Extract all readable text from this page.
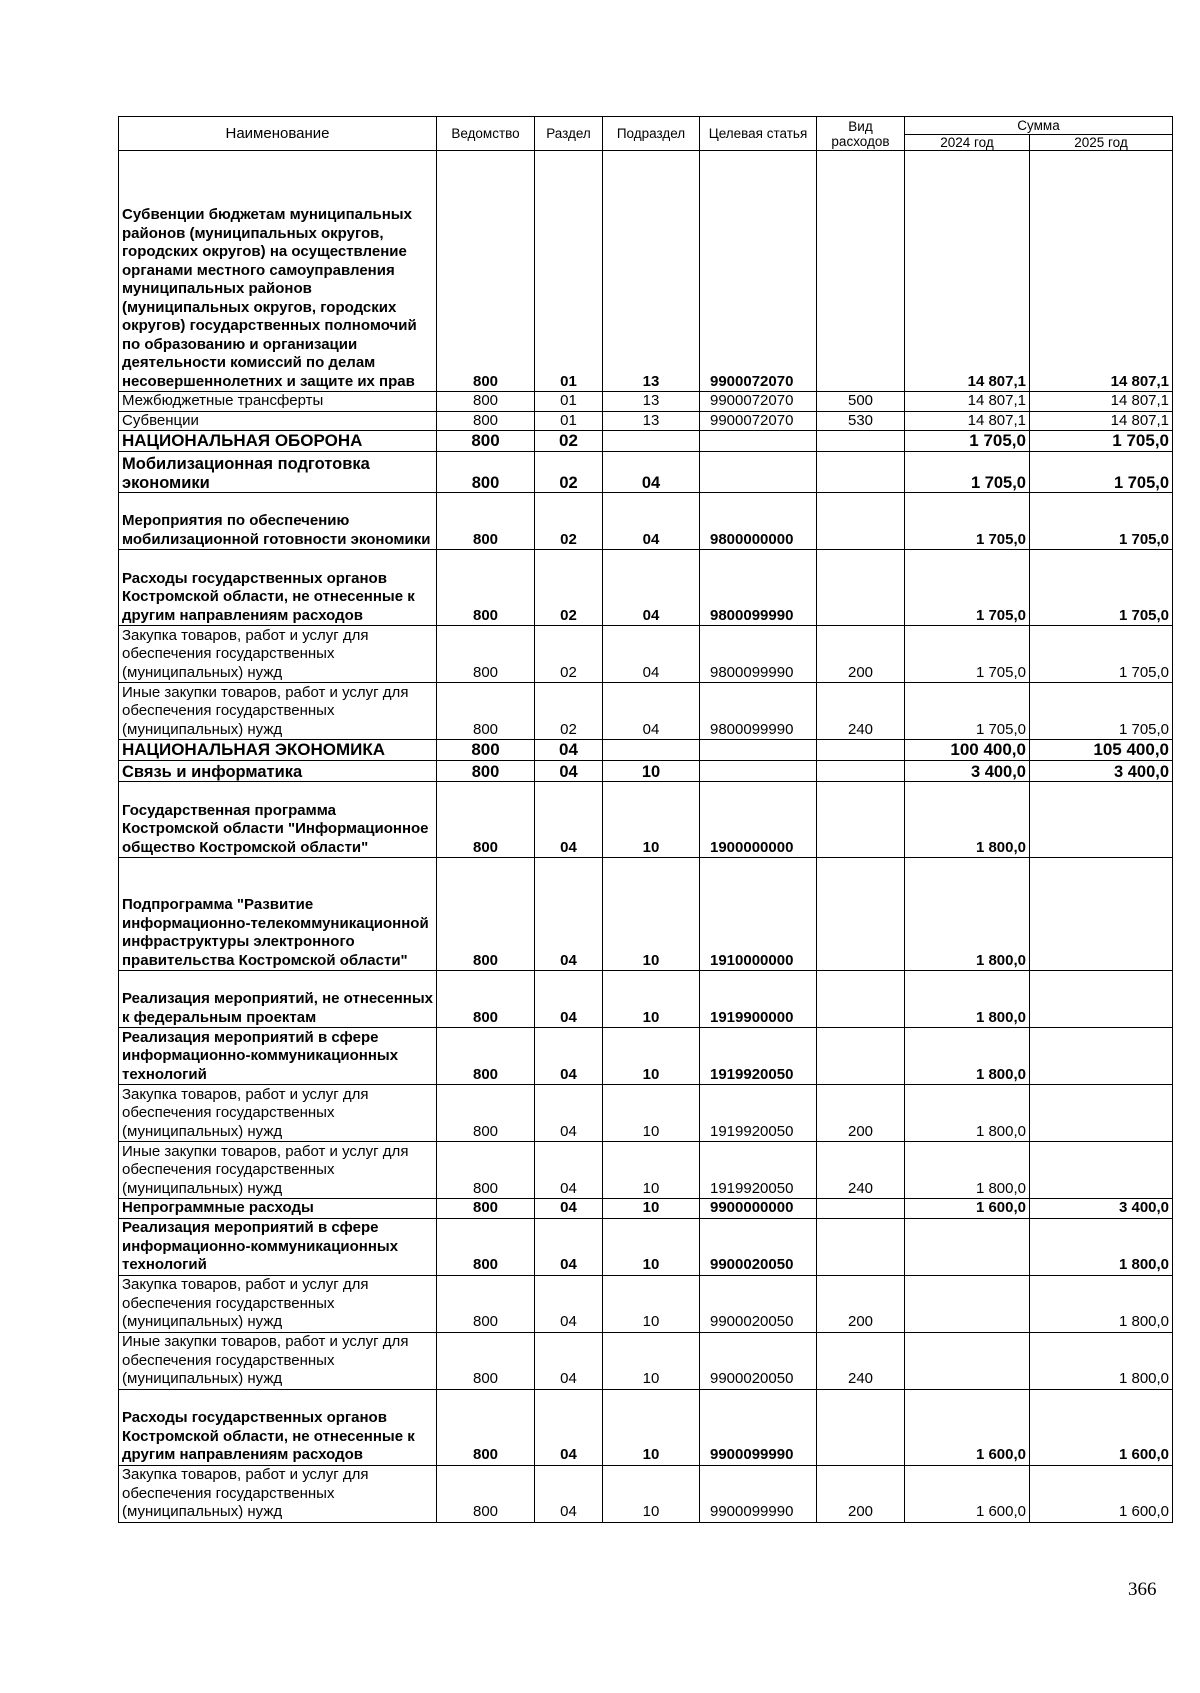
Наименование	Ведомство	Раздел	Подраздел	Целевая статья	Вид расходов	Сумма	
						2024 год	2025 год
Субвенции бюджетам муниципальных районов (муниципальных округов, городских округов) на осуществление органами местного самоуправления муниципальных районов (муниципальных округов, городских округов) государственных полномочий по образованию и организации деятельности комиссий по делам несовершеннолетних и защите их прав	800	01	13	9900072070		14 807,1	14 807,1
Межбюджетные трансферты	800	01	13	9900072070	500	14 807,1	14 807,1
Субвенции	800	01	13	9900072070	530	14 807,1	14 807,1
НАЦИОНАЛЬНАЯ ОБОРОНА	800	02				1 705,0	1 705,0
Мобилизационная подготовка экономики	800	02	04			1 705,0	1 705,0
Мероприятия по обеспечению мобилизационной готовности экономики	800	02	04	9800000000		1 705,0	1 705,0
Расходы государственных органов Костромской области, не отнесенные к другим направлениям расходов	800	02	04	9800099990		1 705,0	1 705,0
Закупка товаров, работ и услуг для обеспечения государственных (муниципальных) нужд	800	02	04	9800099990	200	1 705,0	1 705,0
Иные закупки товаров, работ и услуг для обеспечения государственных (муниципальных) нужд	800	02	04	9800099990	240	1 705,0	1 705,0
НАЦИОНАЛЬНАЯ ЭКОНОМИКА	800	04				100 400,0	105 400,0
Связь и информатика	800	04	10			3 400,0	3 400,0
Государственная программа Костромской области "Информационное общество Костромской области"	800	04	10	1900000000		1 800,0	
Подпрограмма "Развитие информационно-телекоммуникационной инфраструктуры электронного правительства Костромской области"	800	04	10	1910000000		1 800,0	
Реализация мероприятий, не отнесенных к федеральным проектам	800	04	10	1919900000		1 800,0	
Реализация мероприятий в сфере информационно-коммуникационных технологий	800	04	10	1919920050		1 800,0	
Закупка товаров, работ и услуг для обеспечения государственных (муниципальных) нужд	800	04	10	1919920050	200	1 800,0	
Иные закупки товаров, работ и услуг для обеспечения государственных (муниципальных) нужд	800	04	10	1919920050	240	1 800,0	
Непрограммные расходы	800	04	10	9900000000		1 600,0	3 400,0
Реализация мероприятий в сфере информационно-коммуникационных технологий	800	04	10	9900020050			1 800,0
Закупка товаров, работ и услуг для обеспечения государственных (муниципальных) нужд	800	04	10	9900020050	200		1 800,0
Иные закупки товаров, работ и услуг для обеспечения государственных (муниципальных) нужд	800	04	10	9900020050	240		1 800,0
Расходы государственных органов Костромской области, не отнесенные к другим направлениям расходов	800	04	10	9900099990		1 600,0	1 600,0
Закупка товаров, работ и услуг для обеспечения государственных (муниципальных) нужд	800	04	10	9900099990	200	1 600,0	1 600,0
366
